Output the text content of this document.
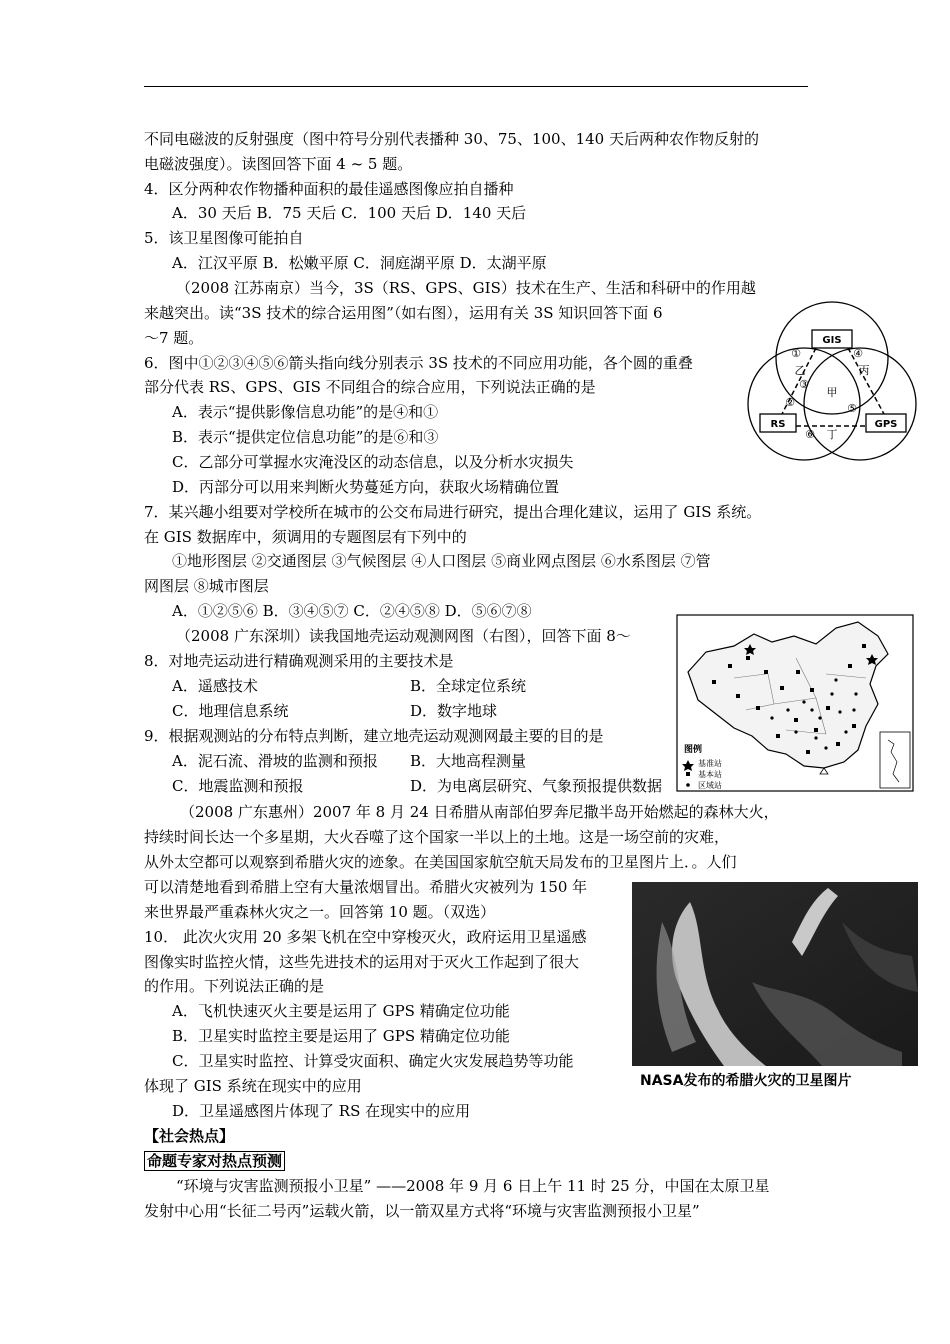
不同电磁波的反射强度（图中符号分别代表播种 30、75、100、140 天后两种农作物反射的
电磁波强度）。读图回答下面 4 ~ 5 题。
4．区分两种农作物播种面积的最佳遥感图像应拍自播种
A．30 天后 B．75 天后 C．100 天后 D．140 天后
5．该卫星图像可能拍自
A．江汉平原 B．松嫩平原 C．洞庭湖平原 D．太湖平原
（2008 江苏南京）当今，3S（RS、GPS、GIS）技术在生产、生活和科研中的作用越
来越突出。读“3S 技术的综合运用图”（如右图），运用有关 3S 知识回答下面 6
～7 题。
6．图中①②③④⑤⑥箭头指向线分别表示 3S 技术的不同应用功能，各个圆的重叠
部分代表 RS、GPS、GIS 不同组合的综合应用，下列说法正确的是
A．表示“提供影像信息功能”的是④和①
B．表示“提供定位信息功能”的是⑥和③
C．乙部分可掌握水灾淹没区的动态信息，以及分析水灾损失
D．丙部分可以用来判断火势蔓延方向，获取火场精确位置
7．某兴趣小组要对学校所在城市的公交布局进行研究，提出合理化建议，运用了 GIS 系统。
在 GIS 数据库中，须调用的专题图层有下列中的
①地形图层 ②交通图层 ③气候图层 ④人口图层 ⑤商业网点图层 ⑥水系图层 ⑦管
网图层 ⑧城市图层
A．①②⑤⑥ B．③④⑤⑦ C．②④⑤⑧ D．⑤⑥⑦⑧
（2008 广东深圳）读我国地壳运动观测网图（右图），回答下面 8～
8．对地壳运动进行精确观测采用的主要技术是
A．遥感技术	B．全球定位系统
C．地理信息系统	D．数字地球
9．根据观测站的分布特点判断，建立地壳运动观测网最主要的目的是
A．泥石流、滑坡的监测和预报 B．大地高程测量
C．地震监测和预报	D．为电离层研究、气象预报提供数据
（2008 广东惠州）2007 年 8 月 24 日希腊从南部伯罗奔尼撒半岛开始燃起的森林大火，
持续时间长达一个多星期，大火吞噬了这个国家一半以上的土地。这是一场空前的灾难，
从外太空都可以观察到希腊火灾的迹象。在美国国家航空航天局发布的卫星图片上．。人们
可以清楚地看到希腊上空有大量浓烟冒出。希腊火灾被列为 150 年
来世界最严重森林火灾之一。回答第 10 题。（双选）
10． 此次火灾用 20 多架飞机在空中穿梭灭火，政府运用卫星遥感
图像实时监控火情，这些先进技术的运用对于灭火工作起到了很大
的作用。下列说法正确的是
A．飞机快速灭火主要是运用了 GPS 精确定位功能
B．卫星实时监控主要是运用了 GPS 精确定位功能
C．卫星实时监控、计算受灾面积、确定火灾发展趋势等功能
体现了 GIS 系统在现实中的应用
D．卫星遥感图片体现了 RS 在现实中的应用
【社会热点】
命题专家对热点预测
“环境与灾害监测预报小卫星” ——2008 年 9 月 6 日上午 11 时 25 分，中国在太原卫星
发射中心用“长征二号丙”运载火箭，以一箭双星方式将“环境与灾害监测预报小卫星”
GIS
RS	GPS
甲
乙	丙
丁
①
②
③
④
⑤
⑥
图例
基准站
基本站
区域站
NASA发布的希腊火灾的卫星图片
